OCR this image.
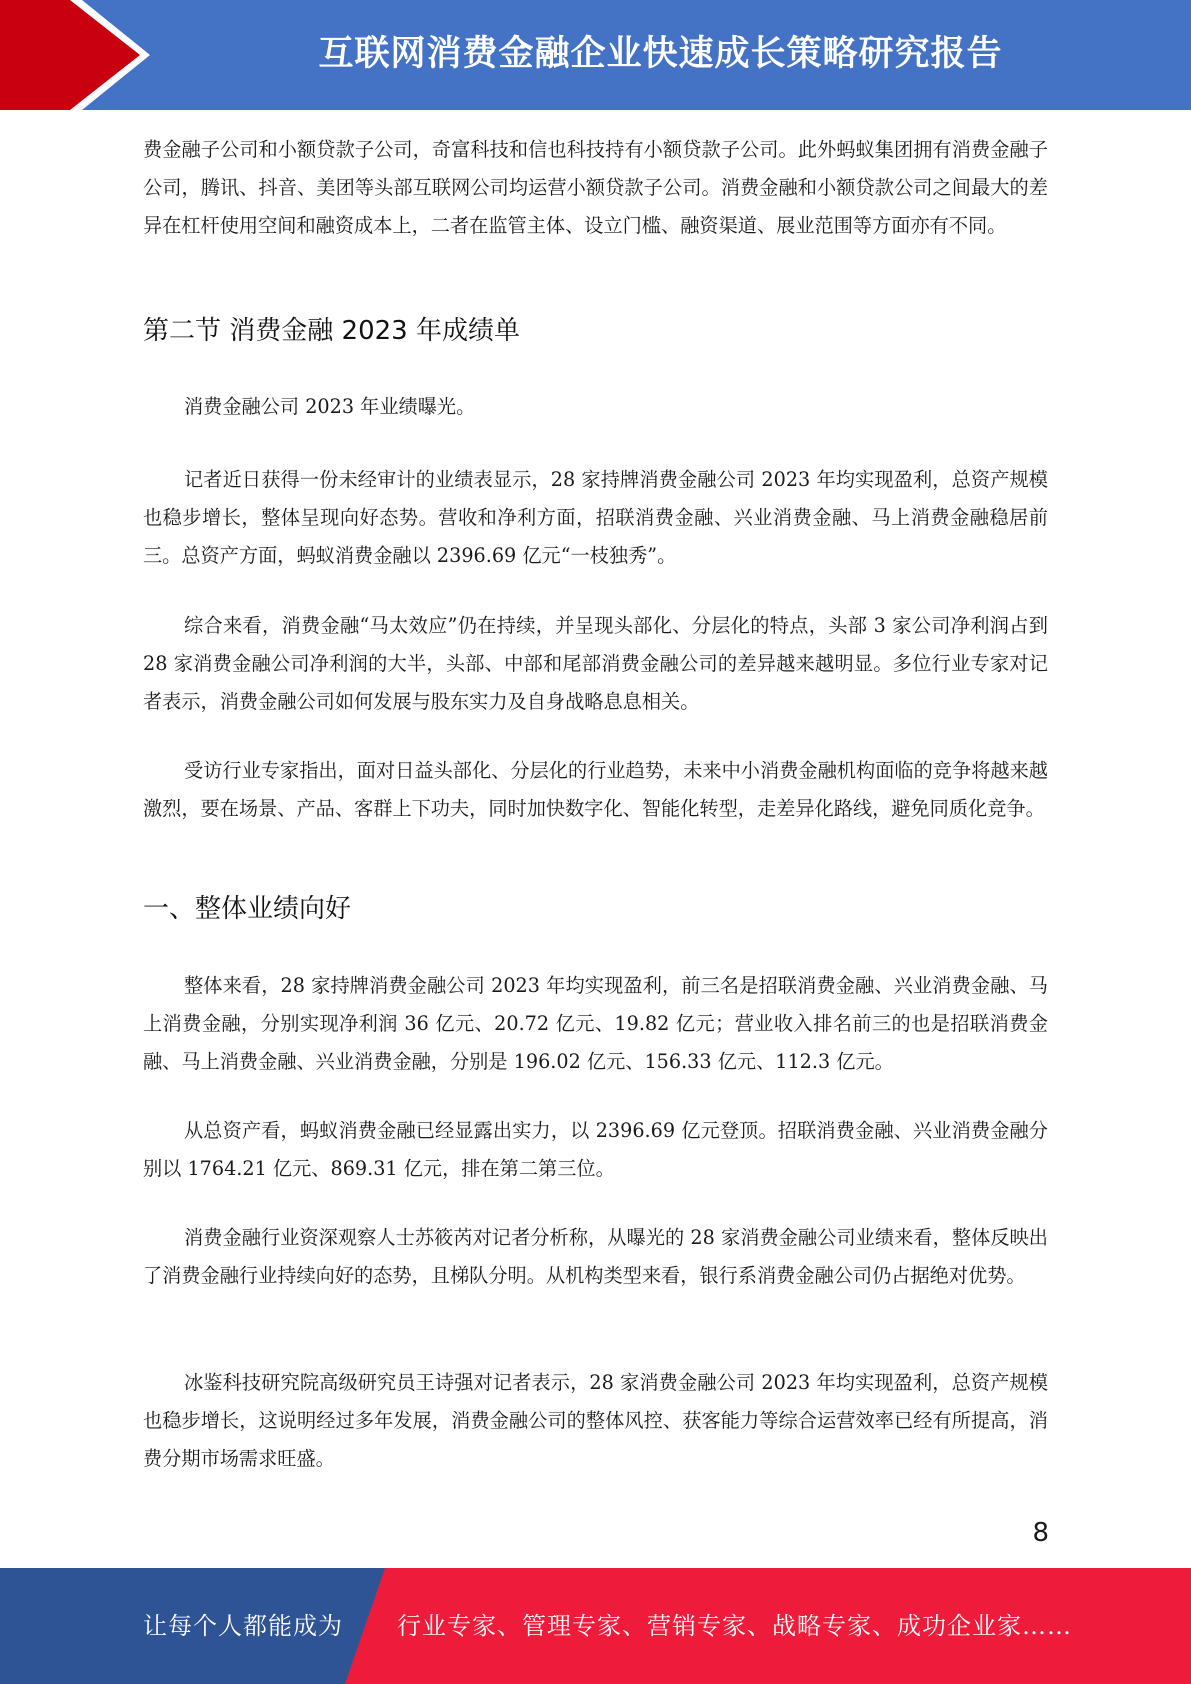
互联网消费金融企业快速成长策略研究报告

费金融子公司和小额贷款子公司，奇富科技和信也科技持有小额贷款子公司。此外蚂蚁集团拥有消费金融子公司，腾讯、抖音、美团等头部互联网公司均运营小额贷款子公司。消费金融和小额贷款公司之间最大的差异在杠杆使用空间和融资成本上，二者在监管主体、设立门槛、融资渠道、展业范围等方面亦有不同。

第二节 消费金融 2023 年成绩单

消费金融公司 2023 年业绩曝光。

记者近日获得一份未经审计的业绩表显示，28 家持牌消费金融公司 2023 年均实现盈利，总资产规模也稳步增长，整体呈现向好态势。营收和净利方面，招联消费金融、兴业消费金融、马上消费金融稳居前三。总资产方面，蚂蚁消费金融以 2396.69 亿元“一枝独秀”。

综合来看，消费金融“马太效应”仍在持续，并呈现头部化、分层化的特点，头部 3 家公司净利润占到 28 家消费金融公司净利润的大半，头部、中部和尾部消费金融公司的差异越来越明显。多位行业专家对记者表示，消费金融公司如何发展与股东实力及自身战略息息相关。

受访行业专家指出，面对日益头部化、分层化的行业趋势，未来中小消费金融机构面临的竞争将越来越激烈，要在场景、产品、客群上下功夫，同时加快数字化、智能化转型，走差异化路线，避免同质化竞争。

一、整体业绩向好

整体来看，28 家持牌消费金融公司 2023 年均实现盈利，前三名是招联消费金融、兴业消费金融、马上消费金融，分别实现净利润 36 亿元、20.72 亿元、19.82 亿元；营业收入排名前三的也是招联消费金融、马上消费金融、兴业消费金融，分别是 196.02 亿元、156.33 亿元、112.3 亿元。

从总资产看，蚂蚁消费金融已经显露出实力，以 2396.69 亿元登顶。招联消费金融、兴业消费金融分别以 1764.21 亿元、869.31 亿元，排在第二第三位。

消费金融行业资深观察人士苏筱芮对记者分析称，从曝光的 28 家消费金融公司业绩来看，整体反映出了消费金融行业持续向好的态势，且梯队分明。从机构类型来看，银行系消费金融公司仍占据绝对优势。

冰鉴科技研究院高级研究员王诗强对记者表示，28 家消费金融公司 2023 年均实现盈利，总资产规模也稳步增长，这说明经过多年发展，消费金融公司的整体风控、获客能力等综合运营效率已经有所提高，消费分期市场需求旺盛。

8
让每个人都能成为 行业专家、管理专家、营销专家、战略专家、成功企业家……
